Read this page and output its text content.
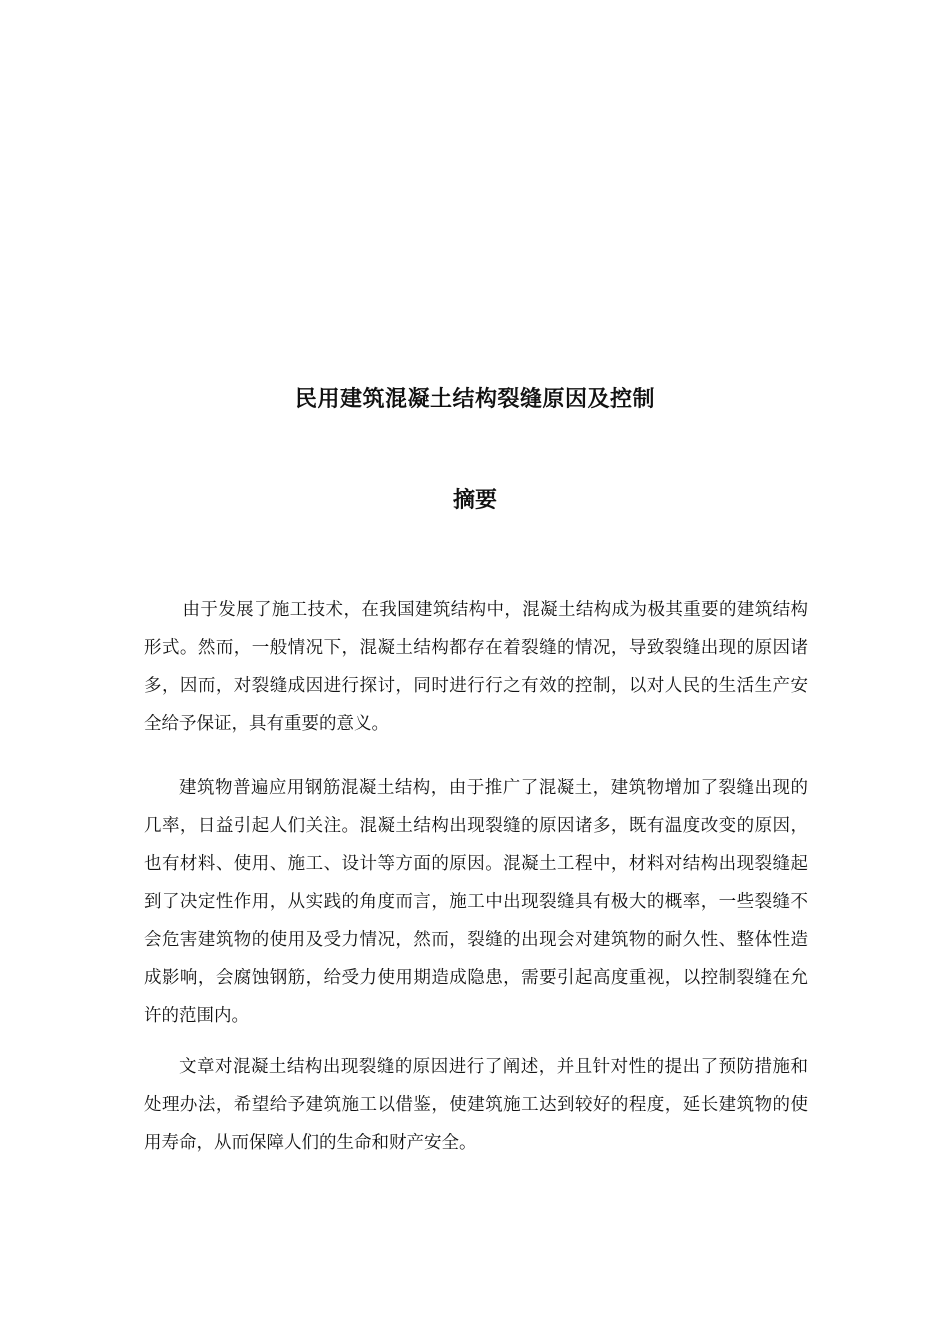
民用建筑混凝土结构裂缝原因及控制
摘要

由于发展了施工技术，在我国建筑结构中，混凝土结构成为极其重要的建筑结构形式。然而，一般情况下，混凝土结构都存在着裂缝的情况，导致裂缝出现的原因诸多，因而，对裂缝成因进行探讨，同时进行行之有效的控制，以对人民的生活生产安全给予保证，具有重要的意义。

建筑物普遍应用钢筋混凝土结构，由于推广了混凝土，建筑物增加了裂缝出现的几率，日益引起人们关注。混凝土结构出现裂缝的原因诸多，既有温度改变的原因，也有材料、使用、施工、设计等方面的原因。混凝土工程中，材料对结构出现裂缝起到了决定性作用，从实践的角度而言，施工中出现裂缝具有极大的概率，一些裂缝不会危害建筑物的使用及受力情况，然而，裂缝的出现会对建筑物的耐久性、整体性造成影响，会腐蚀钢筋，给受力使用期造成隐患，需要引起高度重视，以控制裂缝在允许的范围内。

文章对混凝土结构出现裂缝的原因进行了阐述，并且针对性的提出了预防措施和处理办法，希望给予建筑施工以借鉴，使建筑施工达到较好的程度，延长建筑物的使用寿命，从而保障人们的生命和财产安全。
